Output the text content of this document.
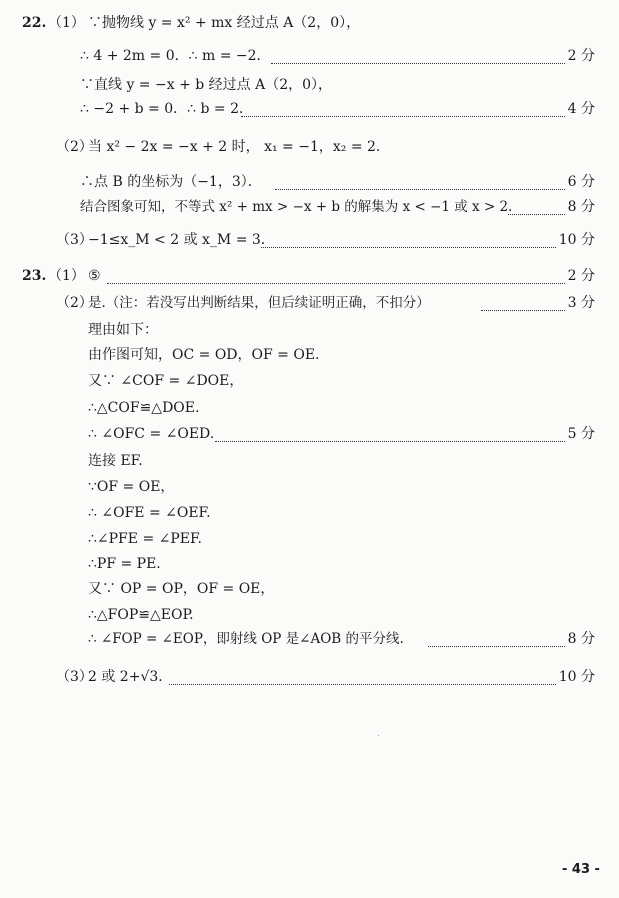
22. （1） ∵抛物线 y = x² + mx 经过点 A（2，0），
∴ 4 + 2m = 0．∴ m = −2．	2 分
∵直线 y = −x + b 经过点 A（2，0），
∴ −2 + b = 0．∴ b = 2．	4 分
（2）
当 x² − 2x = −x + 2 时， x₁ = −1，x₂ = 2．
∴点 B 的坐标为（−1，3）．	6 分
结合图象可知，不等式 x² + mx > −x + b 的解集为 x < −1 或 x > 2．	8 分
（3）
−1≤x_M < 2 或 x_M = 3．	10 分
23. （1） ⑤	2 分
（2）
是.（注：若没写出判断结果，但后续证明正确，不扣分）	3 分
理由如下：
由作图可知，OC = OD，OF = OE.
又∵ ∠COF = ∠DOE，
∴△COF≌△DOE.
∴ ∠OFC = ∠OED.	5 分
连接 EF.
∵OF = OE，
∴ ∠OFE = ∠OEF.
∴∠PFE = ∠PEF.
∴PF = PE.
又∵ OP = OP，OF = OE，
∴△FOP≌△EOP.
∴ ∠FOP = ∠EOP，即射线 OP 是∠AOB 的平分线.	8 分
（3）
2 或 2+√3．	10 分
- 43 -
